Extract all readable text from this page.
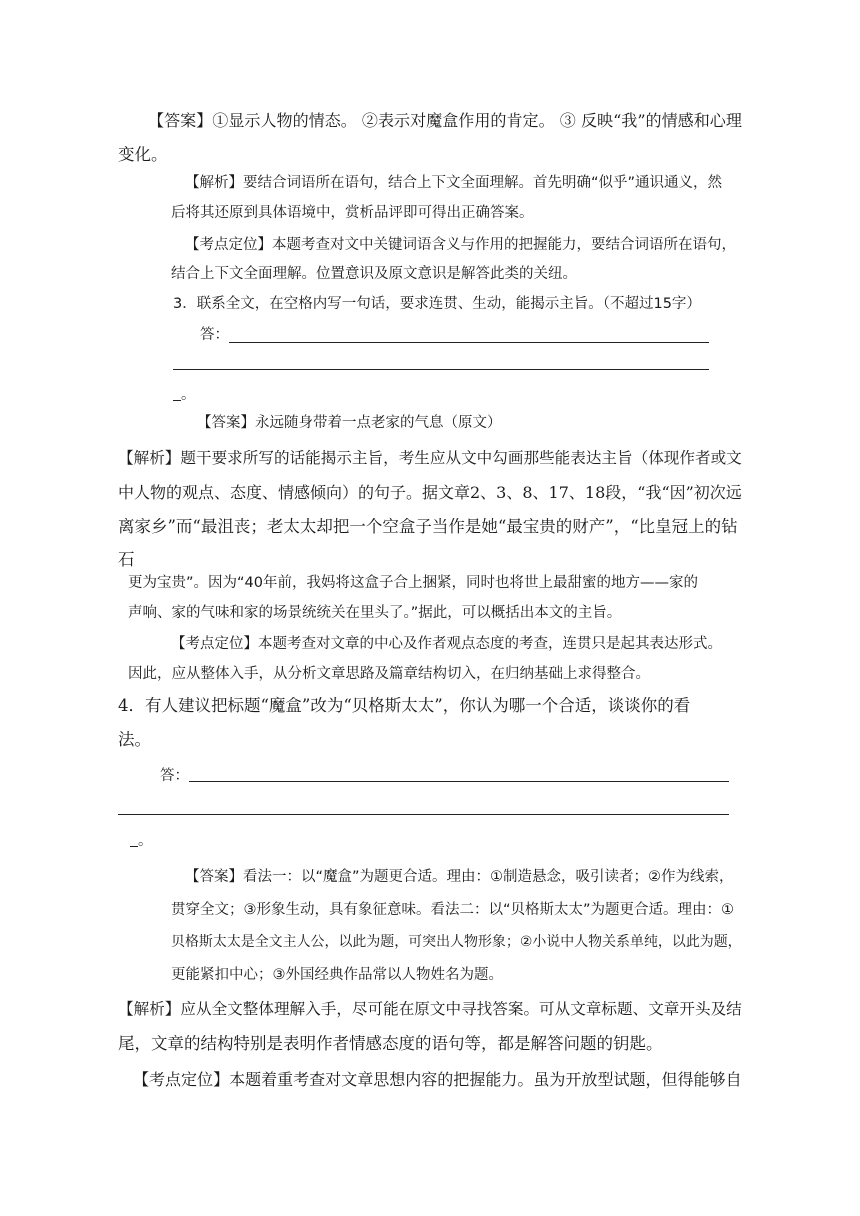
【答案】①显示人物的情态。 ②表示对魔盒作用的肯定。 ③ 反映“我”的情感和心理
变化。
【解析】要结合词语所在语句，结合上下文全面理解。首先明确“似乎”通识通义，然
后将其还原到具体语境中，赏析品评即可得出正确答案。
【考点定位】本题考查对文中关键词语含义与作用的把握能力，要结合词语所在语句，
结合上下文全面理解。位置意识及原文意识是解答此类的关纽。
3．联系全文，在空格内写一句话，要求连贯、生动，能揭示主旨。（不超过15字）
答：
。
【答案】永远随身带着一点老家的气息（原文）
【解析】题干要求所写的话能揭示主旨，考生应从文中勾画那些能表达主旨（体现作者或文
中人物的观点、态度、情感倾向）的句子。据文章2、3、8、17、18段，“我“因”初次远
离家乡”而“最沮丧；老太太却把一个空盒子当作是她“最宝贵的财产”，“比皇冠上的钻
石
更为宝贵”。因为“40年前，我妈将这盒子合上捆紧，同时也将世上最甜蜜的地方——家的
声响、家的气味和家的场景统统关在里头了。”据此，可以概括出本文的主旨。
【考点定位】本题考查对文章的中心及作者观点态度的考查，连贯只是起其表达形式。
因此，应从整体入手，从分析文章思路及篇章结构切入，在归纳基础上求得整合。
4．有人建议把标题“魔盒”改为“贝格斯太太”，你认为哪一个合适，谈谈你的看
法。
答：
。
【答案】看法一：以“魔盒”为题更合适。理由：①制造悬念，吸引读者；②作为线索，
贯穿全文；③形象生动，具有象征意味。看法二：以“贝格斯太太”为题更合适。理由：①
贝格斯太太是全文主人公，以此为题，可突出人物形象；②小说中人物关系单纯，以此为题，
更能紧扣中心；③外国经典作品常以人物姓名为题。
【解析】应从全文整体理解入手，尽可能在原文中寻找答案。可从文章标题、文章开头及结
尾，文章的结构特别是表明作者情感态度的语句等，都是解答问题的钥匙。
【考点定位】本题着重考查对文章思想内容的把握能力。虽为开放型试题，但得能够自
